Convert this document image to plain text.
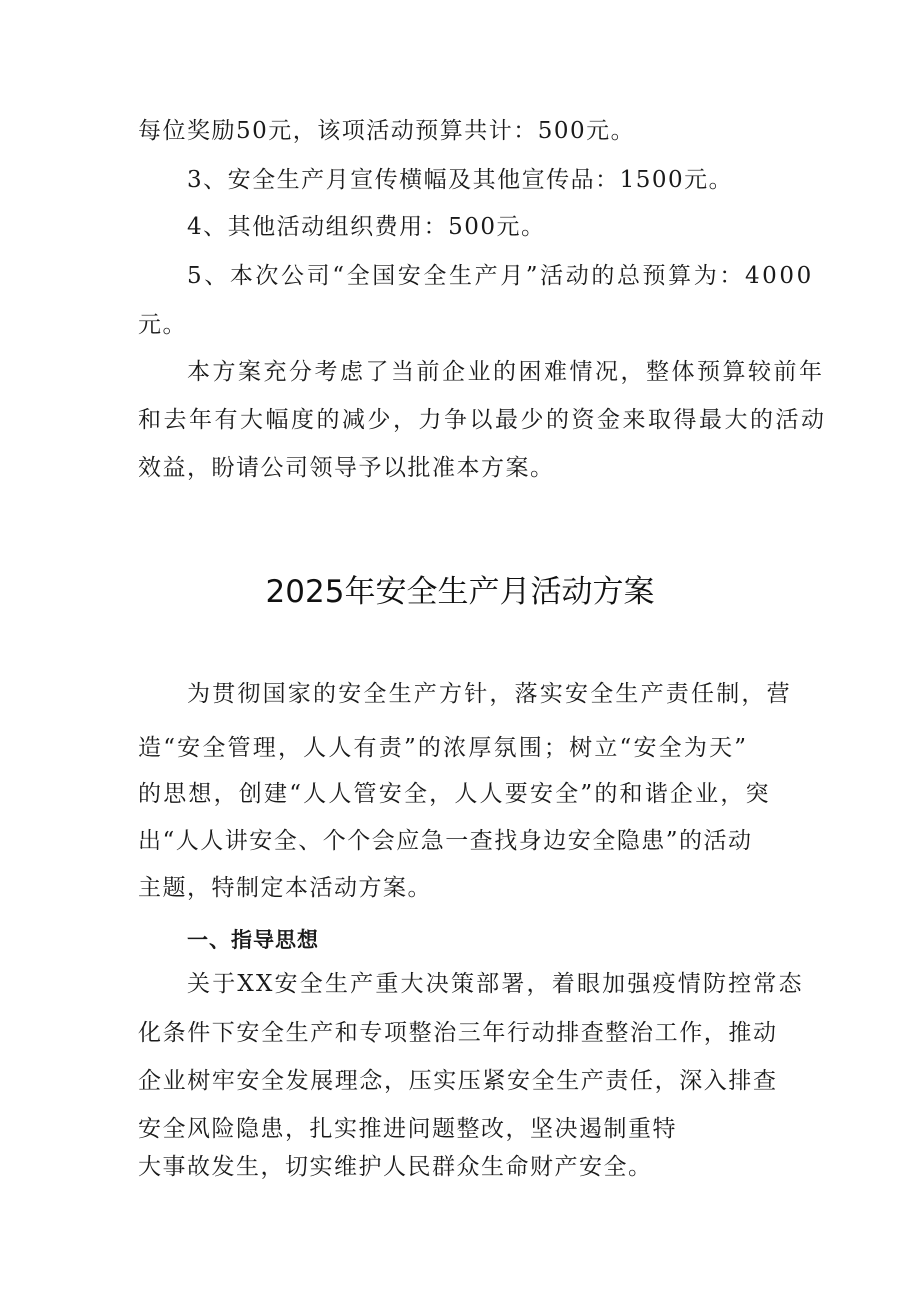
每位奖励50元，该项活动预算共计：500元。
3、安全生产月宣传横幅及其他宣传品：1500元。
4、其他活动组织费用：500元。
5、本次公司“全国安全生产月”活动的总预算为：4000
元。
本方案充分考虑了当前企业的困难情况，整体预算较前年
和去年有大幅度的减少，力争以最少的资金来取得最大的活动
效益，盼请公司领导予以批准本方案。
2025年安全生产月活动方案
为贯彻国家的安全生产方针，落实安全生产责任制，营
造“安全管理，人人有责”的浓厚氛围；树立“安全为天”
的思想，创建“人人管安全，人人要安全”的和谐企业，突
出“人人讲安全、个个会应急一查找身边安全隐患”的活动
主题，特制定本活动方案。
一、指导思想
关于XX安全生产重大决策部署，着眼加强疫情防控常态
化条件下安全生产和专项整治三年行动排查整治工作，推动
企业树牢安全发展理念，压实压紧安全生产责任，深入排查
安全风险隐患，扎实推进问题整改，坚决遏制重特
大事故发生，切实维护人民群众生命财产安全。
